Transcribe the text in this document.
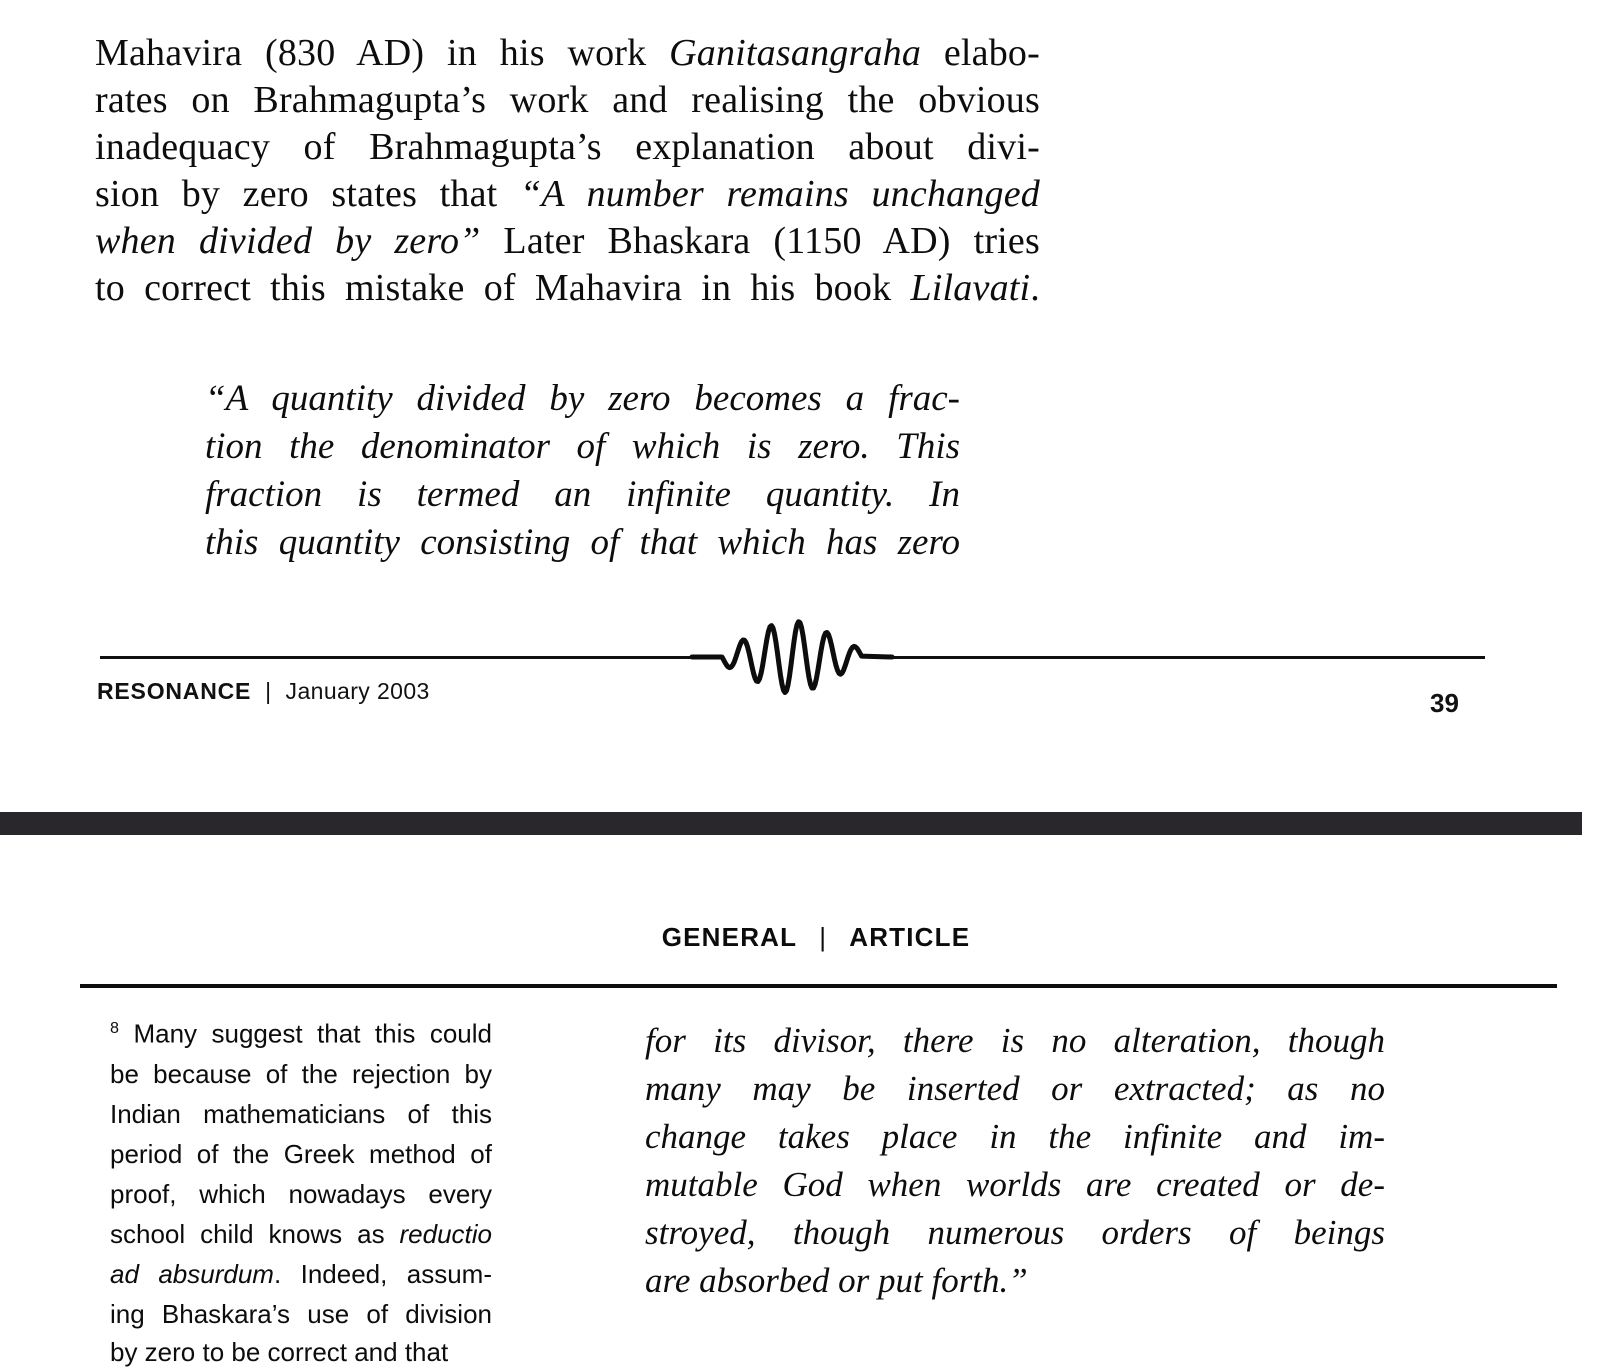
Mahavira (830 AD) in his work Ganitasangraha elabo-
rates on Brahmagupta’s work and realising the obvious
inadequacy of Brahmagupta’s explanation about divi-
sion by zero states that “A number remains unchanged
when divided by zero” Later Bhaskara (1150 AD) tries
to correct this mistake of Mahavira in his book Lilavati.
“A quantity divided by zero becomes a frac-
tion the denominator of which is zero. This
fraction is termed an infinite quantity. In
this quantity consisting of that which has zero
RESONANCE | January 2003	39
GENERAL | ARTICLE
$^8$ Many suggest that this could
be because of the rejection by
Indian mathematicians of this
period of the Greek method of
proof, which nowadays every
school child knows as reductio
ad absurdum. Indeed, assum-
ing Bhaskara’s use of division
by zero to be correct and that
for its divisor, there is no alteration, though
many may be inserted or extracted; as no
change takes place in the infinite and im-
mutable God when worlds are created or de-
stroyed, though numerous orders of beings
are absorbed or put forth.”
